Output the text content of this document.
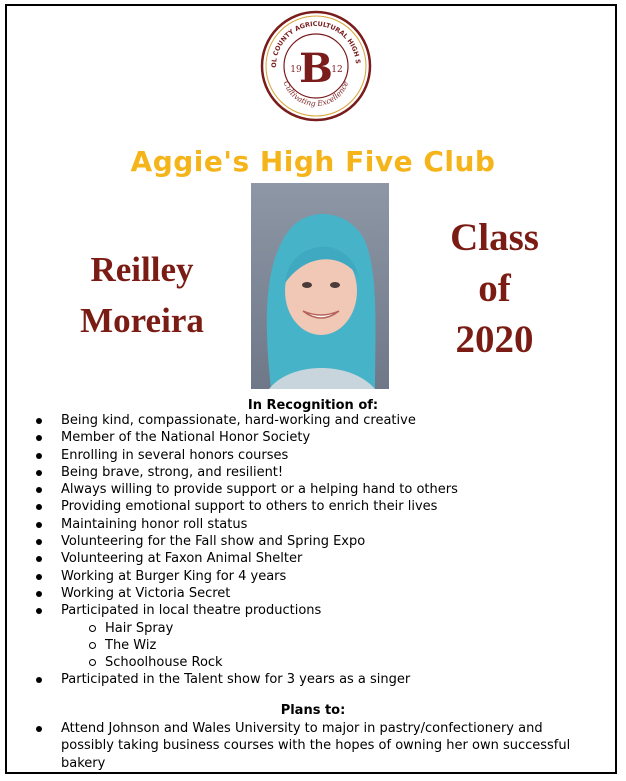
OL COUNTY AGRICULTURAL HIGH S
Cultivating Excellence
B
19	12
Aggie's High Five Club
Reilley
Moreira
Class
of
2020
In Recognition of:
Being kind, compassionate, hard-working and creative
Member of the National Honor Society
Enrolling in several honors courses
Being brave, strong, and resilient!
Always willing to provide support or a helping hand to others
Providing emotional support to others to enrich their lives
Maintaining honor roll status
Volunteering for the Fall show and Spring Expo
Volunteering at Faxon Animal Shelter
Working at Burger King for 4 years
Working at Victoria Secret
Participated in local theatre productions
Hair Spray
The Wiz
Schoolhouse Rock
Participated in the Talent show for 3 years as a singer
Plans to:
Attend Johnson and Wales University to major in pastry/confectionery and possibly taking business courses with the hopes of owning her own successful bakery
